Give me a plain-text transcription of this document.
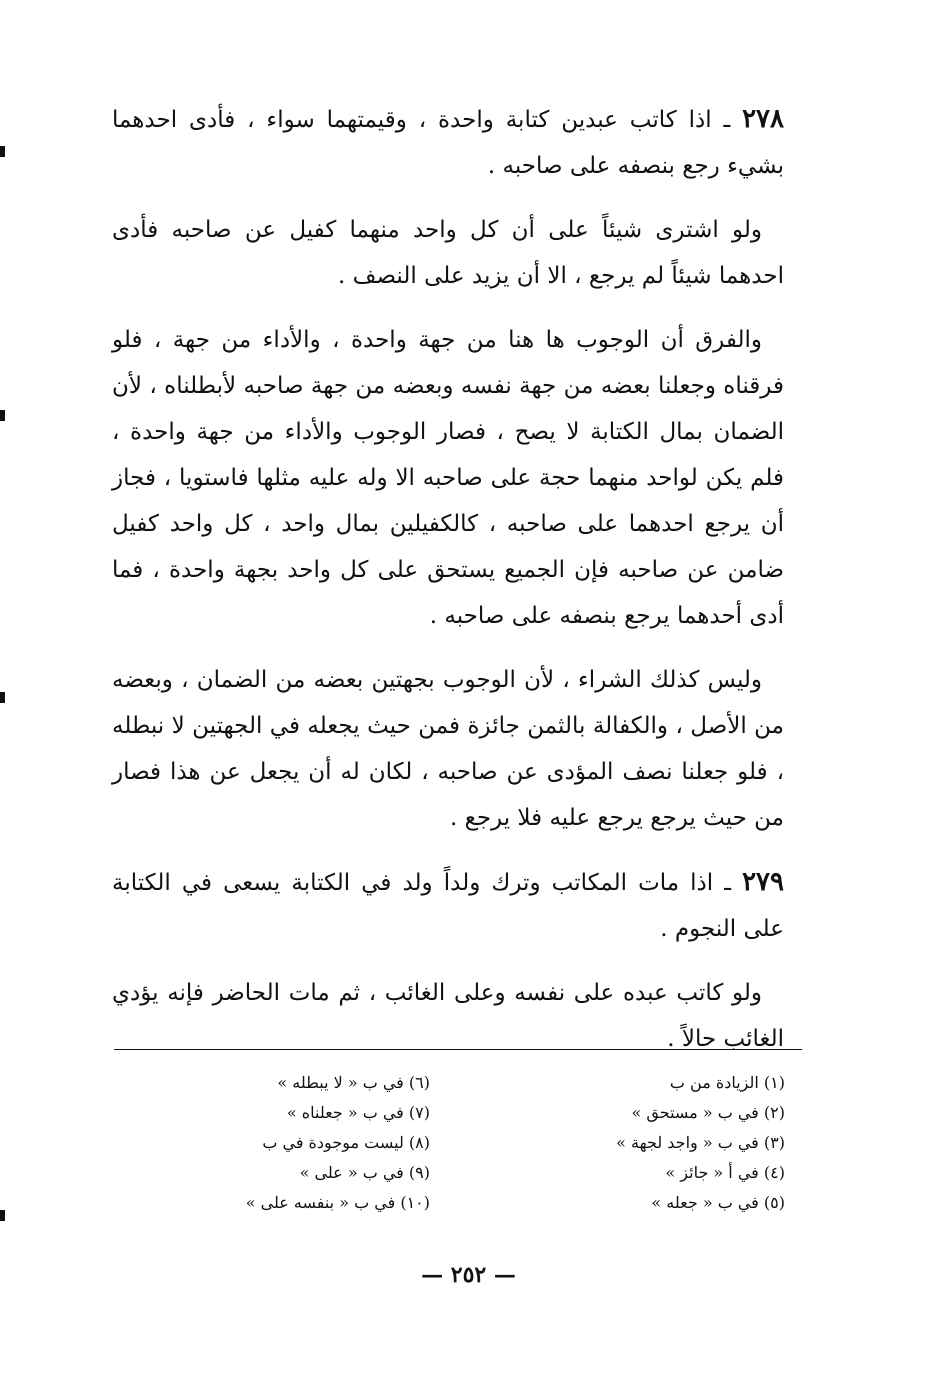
٢٧٨ ـ اذا كاتب عبدين كتابة واحدة ، وقيمتهما سواء ، فأدى احدهما بشيء رجع بنصفه على صاحبه .

ولو اشترى شيئاً على أن كل واحد منهما كفيل عن صاحبه فأدى احدهما شيئاً لم يرجع ، الا أن يزيد على النصف .

والفرق أن الوجوب ها هنا من جهة واحدة ، والأداء من جهة ، فلو فرقناه وجعلنا بعضه من جهة نفسه وبعضه من جهة صاحبه لأبطلناه ، لأن الضمان بمال الكتابة لا يصح ، فصار الوجوب والأداء من جهة واحدة ، فلم يكن لواحد منهما حجة على صاحبه الا وله عليه مثلها فاستويا ، فجاز أن يرجع احدهما على صاحبه ، كالكفيلين بمال واحد ، كل واحد كفيل ضامن عن صاحبه فإن الجميع يستحق على كل واحد بجهة واحدة ، فما أدى أحدهما يرجع بنصفه على صاحبه .

وليس كذلك الشراء ، لأن الوجوب بجهتين بعضه من الضمان ، وبعضه من الأصل ، والكفالة بالثمن جائزة فمن حيث يجعله في الجهتين لا نبطله ، فلو جعلنا نصف المؤدى عن صاحبه ، لكان له أن يجعل عن هذا فصار من حيث يرجع يرجع عليه فلا يرجع .

٢٧٩ ـ اذا مات المكاتب وترك ولداً ولد في الكتابة يسعى في الكتابة على النجوم .

ولو كاتب عبده على نفسه وعلى الغائب ، ثم مات الحاضر فإنه يؤدي الغائب حالاً .

(١) الزيادة من ب
(٢) في ب « مستحق »
(٣) في ب « واجد لجهة »
(٤) في أ « جائز »
(٥) في ب « جعله »
(٦) في ب « لا يبطله »
(٧) في ب « جعلناه »
(٨) ليست موجودة في ب
(٩) في ب « على »
(١٠) في ب « بنفسه على »
— ٢٥٢ —
